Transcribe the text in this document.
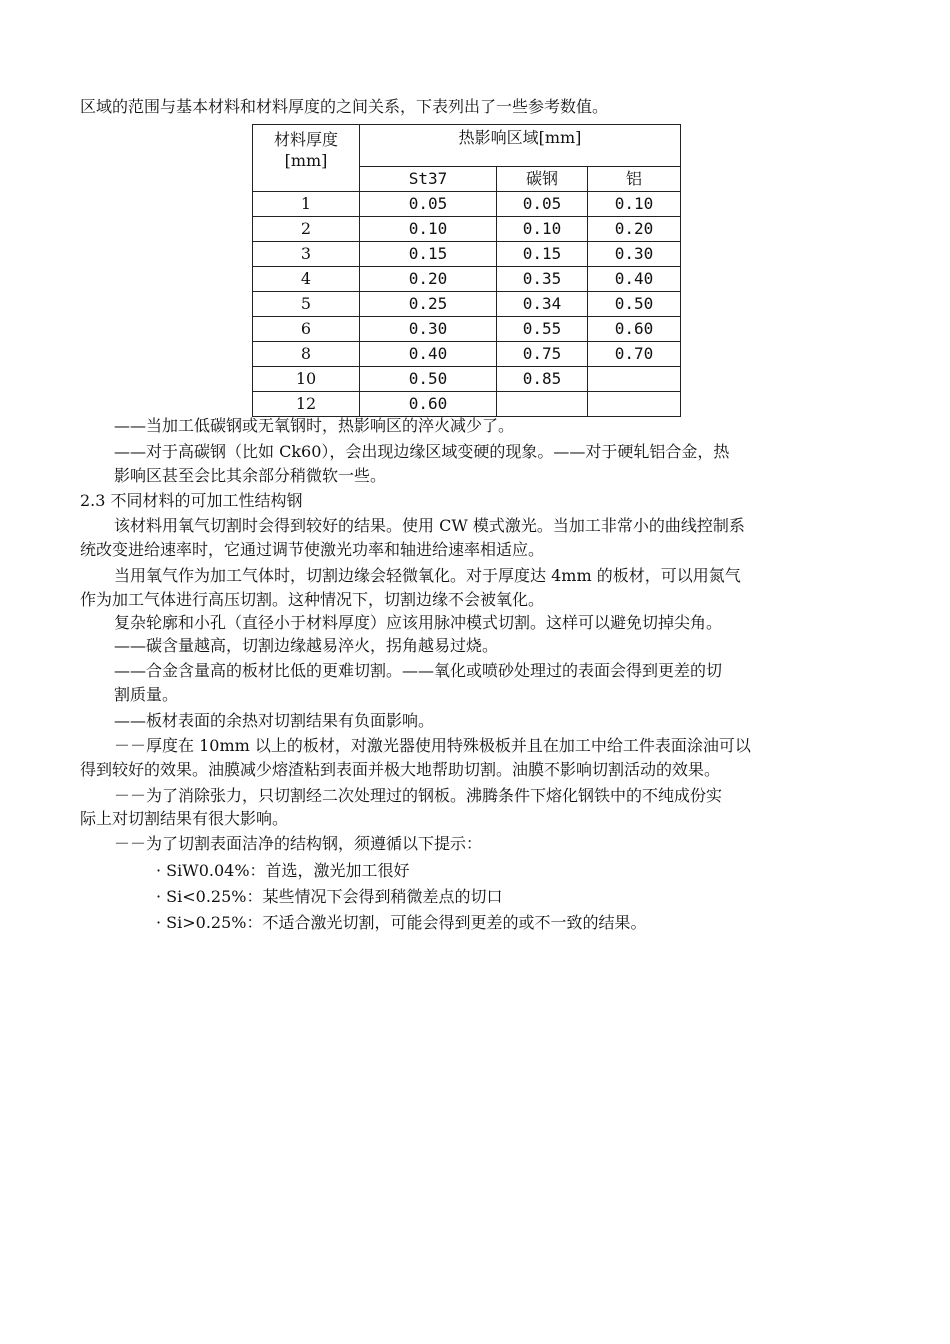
区域的范围与基本材料和材料厚度的之间关系，下表列出了一些参考数值。
材料厚度
[mm]	热影响区域[mm]		
	St37	碳钢	铝
1	0.05	0.05	0.10
2	0.10	0.10	0.20
3	0.15	0.15	0.30
4	0.20	0.35	0.40
5	0.25	0.34	0.50
6	0.30	0.55	0.60
8	0.40	0.75	0.70
10	0.50	0.85	
12	0.60		
——当加工低碳钢或无氧钢时，热影响区的淬火减少了。
——对于高碳钢（比如 Ck60），会出现边缘区域变硬的现象。——对于硬轧铝合金，热
影响区甚至会比其余部分稍微软一些。
2.3 不同材料的可加工性结构钢
该材料用氧气切割时会得到较好的结果。使用 CW 模式激光。当加工非常小的曲线控制系
统改变进给速率时，它通过调节使激光功率和轴进给速率相适应。
当用氧气作为加工气体时，切割边缘会轻微氧化。对于厚度达 4mm 的板材，可以用氮气
作为加工气体进行高压切割。这种情况下，切割边缘不会被氧化。
复杂轮廓和小孔（直径小于材料厚度）应该用脉冲模式切割。这样可以避免切掉尖角。
——碳含量越高，切割边缘越易淬火，拐角越易过烧。
——合金含量高的板材比低的更难切割。——氧化或喷砂处理过的表面会得到更差的切
割质量。
——板材表面的余热对切割结果有负面影响。
－－厚度在 10mm 以上的板材，对激光器使用特殊极板并且在加工中给工件表面涂油可以
得到较好的效果。油膜减少熔渣粘到表面并极大地帮助切割。油膜不影响切割活动的效果。
－－为了消除张力，只切割经二次处理过的钢板。沸腾条件下熔化钢铁中的不纯成份实
际上对切割结果有很大影响。
－－为了切割表面洁净的结构钢，须遵循以下提示：
· SiW0.04%：首选，激光加工很好
· Si<0.25%：某些情况下会得到稍微差点的切口
· Si>0.25%：不适合激光切割，可能会得到更差的或不一致的结果。
